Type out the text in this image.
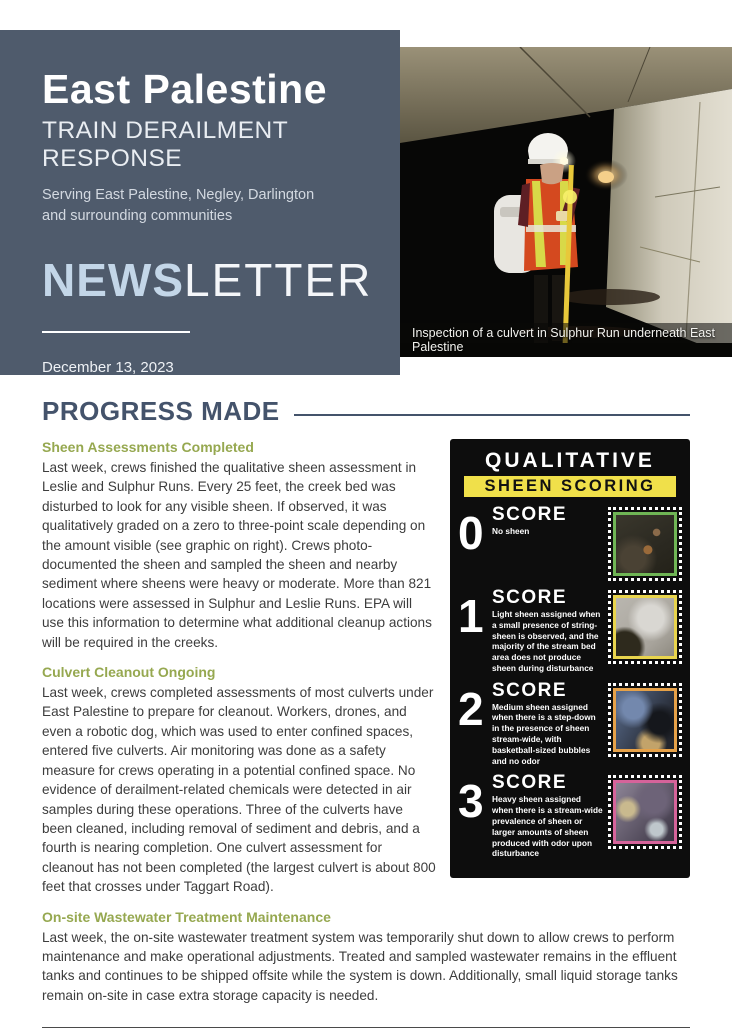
East Palestine
TRAIN DERAILMENT RESPONSE
Serving East Palestine, Negley, Darlington
and surrounding communities
NEWSLETTER
December 13, 2023
Inspection of a culvert in Sulphur Run underneath East Palestine
PROGRESS MADE
QUALITATIVE
SHEEN SCORING
0 SCORE
No sheen
1 SCORE
Light sheen assigned when a small presence of string-sheen is observed, and the majority of the stream bed area does not produce sheen during disturbance
2 SCORE
Medium sheen assigned when there is a step-down in the presence of sheen stream-wide, with basketball-sized bubbles and no odor
3 SCORE
Heavy sheen assigned when there is a stream-wide prevalence of sheen or larger amounts of sheen produced with odor upon disturbance
Sheen Assessments Completed

Last week, crews finished the qualitative sheen assessment in Leslie and Sulphur Runs. Every 25 feet, the creek bed was disturbed to look for any visible sheen. If observed, it was qualitatively graded on a zero to three-point scale depending on the amount visible (see graphic on right). Crews photo-documented the sheen and sampled the sheen and nearby sediment where sheens were heavy or moderate. More than 821 locations were assessed in Sulphur and Leslie Runs. EPA will use this information to determine what additional cleanup actions will be required in the creeks.

Culvert Cleanout Ongoing

Last week, crews completed assessments of most culverts under East Palestine to prepare for cleanout. Workers, drones, and even a robotic dog, which was used to enter confined spaces, entered five culverts. Air monitoring was done as a safety measure for crews operating in a potential confined space. No evidence of derailment-related chemicals were detected in air samples during these operations. Three of the culverts have been cleaned, including removal of sediment and debris, and a fourth is nearing completion. One culvert assessment for cleanout has not been completed (the largest culvert is about 800 feet that crosses under Taggart Road).

On-site Wastewater Treatment Maintenance

Last week, the on-site wastewater treatment system was temporarily shut down to allow crews to perform maintenance and make operational adjustments. Treated and sampled wastewater remains in the effluent tanks and continues to be shipped offsite while the system is down. Additionally, small liquid storage tanks remain on-site in case extra storage capacity is needed.
